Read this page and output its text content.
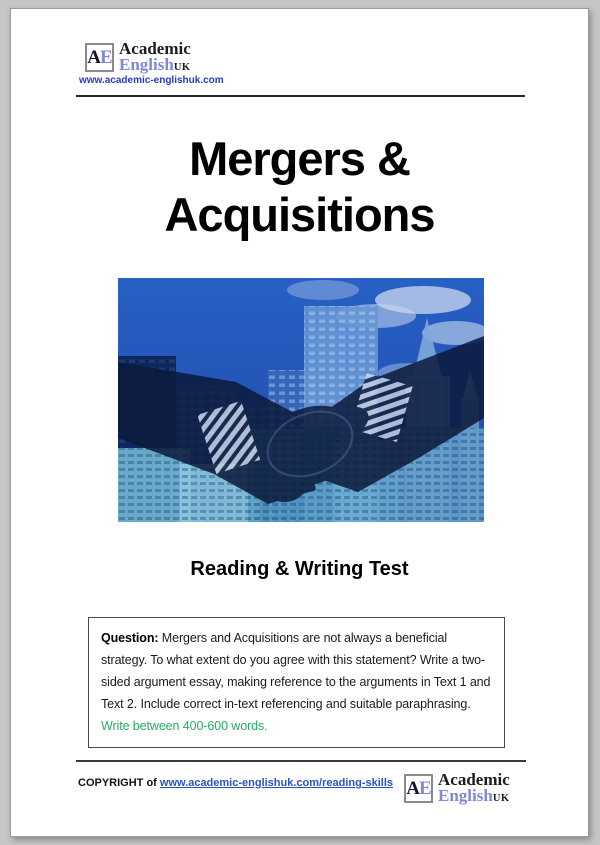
A E Academic
EnglishUK
www.academic-englishuk.com
Mergers &
Acquisitions
Reading & Writing Test
Question: Mergers and Acquisitions are not always a beneficial strategy. To what extent do you agree with this statement? Write a two-sided argument essay, making reference to the arguments in Text 1 and Text 2. Include correct in-text referencing and suitable paraphrasing. Write between 400-600 words.
COPYRIGHT of www.academic-englishuk.com/reading-skills A E Academic
EnglishUK
